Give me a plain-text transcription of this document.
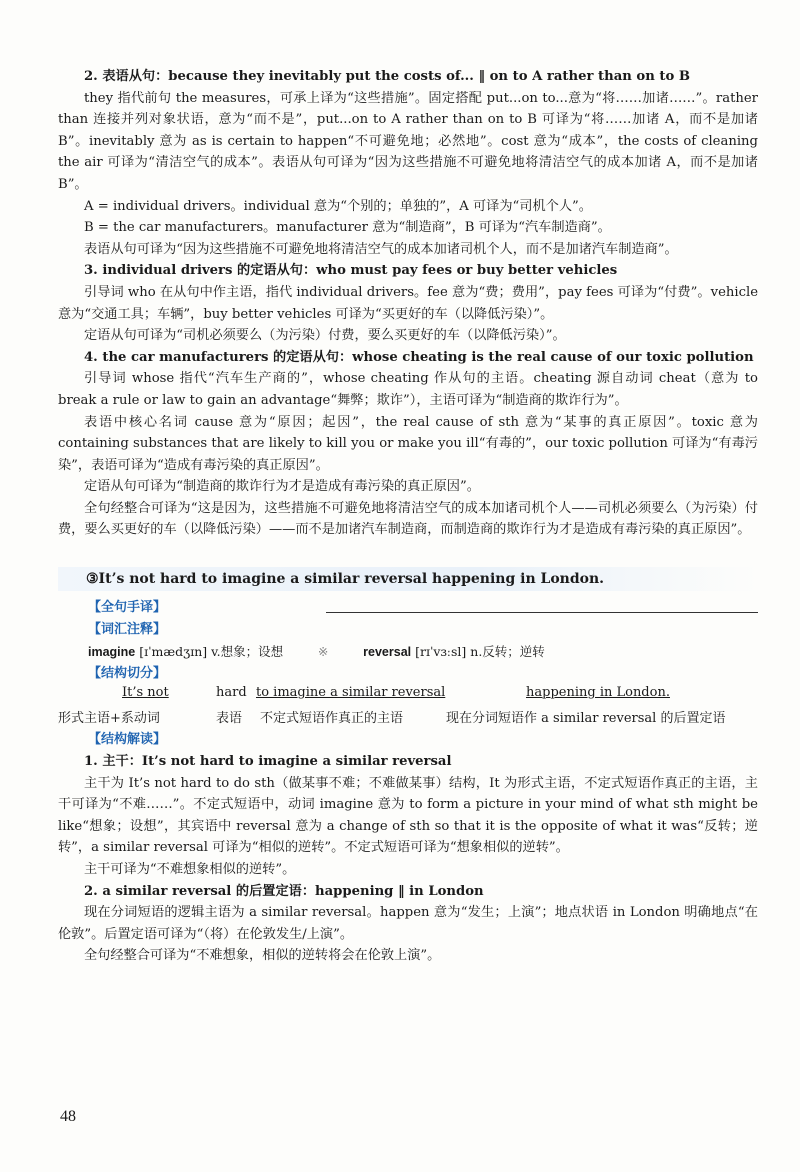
2. 表语从句：because they inevitably put the costs of... ‖ on to A rather than on to B

they 指代前句 the measures，可承上译为“这些措施”。固定搭配 put...on to...意为“将……加诸……”。rather than 连接并列对象状语，意为“而不是”，put...on to A rather than on to B 可译为“将……加诸 A，而不是加诸 B”。inevitably 意为 as is certain to happen“不可避免地；必然地”。cost 意为“成本”，the costs of cleaning the air 可译为“清洁空气的成本”。表语从句可译为“因为这些措施不可避免地将清洁空气的成本加诸 A，而不是加诸 B”。

A = individual drivers。individual 意为“个别的；单独的”，A 可译为“司机个人”。

B = the car manufacturers。manufacturer 意为“制造商”，B 可译为“汽车制造商”。

表语从句可译为“因为这些措施不可避免地将清洁空气的成本加诸司机个人，而不是加诸汽车制造商”。

3. individual drivers 的定语从句：who must pay fees or buy better vehicles

引导词 who 在从句中作主语，指代 individual drivers。fee 意为“费；费用”，pay fees 可译为“付费”。vehicle 意为“交通工具；车辆”，buy better vehicles 可译为“买更好的车（以降低污染）”。

定语从句可译为“司机必须要么（为污染）付费，要么买更好的车（以降低污染）”。

4. the car manufacturers 的定语从句：whose cheating is the real cause of our toxic pollution

引导词 whose 指代“汽车生产商的”，whose cheating 作从句的主语。cheating 源自动词 cheat（意为 to break a rule or law to gain an advantage“舞弊；欺诈”），主语可译为“制造商的欺诈行为”。

表语中核心名词 cause 意为“原因；起因”，the real cause of sth 意为“某事的真正原因”。toxic 意为 containing substances that are likely to kill you or make you ill“有毒的”，our toxic pollution 可译为“有毒污染”，表语可译为“造成有毒污染的真正原因”。

定语从句可译为“制造商的欺诈行为才是造成有毒污染的真正原因”。

全句经整合可译为“这是因为，这些措施不可避免地将清洁空气的成本加诸司机个人——司机必须要么（为污染）付费，要么买更好的车（以降低污染）——而不是加诸汽车制造商，而制造商的欺诈行为才是造成有毒污染的真正原因”。

③It’s not hard to imagine a similar reversal happening in London.
【全句手译】
【词汇注释】
imagine [ɪˈmædʒɪn] v.想象；设想	※	reversal [rɪˈvɜːsl] n.反转；逆转
【结构切分】
It’s not	hard to imagine a similar reversal	happening in London.
形式主语+系动词	表语 不定式短语作真正的主语	现在分词短语作 a similar reversal 的后置定语
【结构解读】

1. 主干：It’s not hard to imagine a similar reversal

主干为 It’s not hard to do sth（做某事不难；不难做某事）结构，It 为形式主语，不定式短语作真正的主语，主干可译为“不难……”。不定式短语中，动词 imagine 意为 to form a picture in your mind of what sth might be like“想象；设想”，其宾语中 reversal 意为 a change of sth so that it is the opposite of what it was“反转；逆转”，a similar reversal 可译为“相似的逆转”。不定式短语可译为“想象相似的逆转”。

主干可译为“不难想象相似的逆转”。

2. a similar reversal 的后置定语：happening ‖ in London

现在分词短语的逻辑主语为 a similar reversal。happen 意为“发生；上演”；地点状语 in London 明确地点“在伦敦”。后置定语可译为“（将）在伦敦发生/上演”。

全句经整合可译为“不难想象，相似的逆转将会在伦敦上演”。

48
